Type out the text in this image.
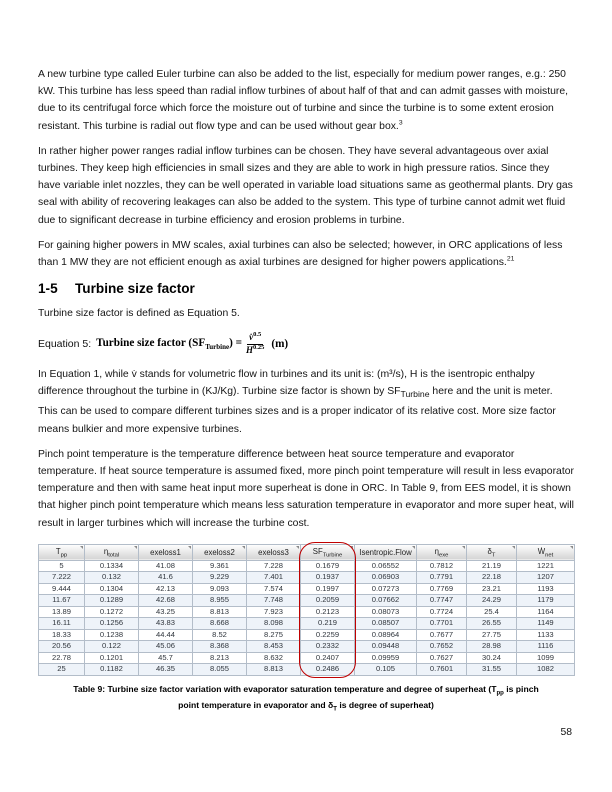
A new turbine type called Euler turbine can also be added to the list, especially for medium power ranges, e.g.: 250 kW. This turbine has less speed than radial inflow turbines of about half of that and can admit gasses with moisture, due to its centrifugal force which force the moisture out of turbine and since the turbine is to some extent erosion resistant. This turbine is radial out flow type and can be used without gear box.$^3$

In rather higher power ranges radial inflow turbines can be chosen. They have several advantageous over axial turbines. They keep high efficiencies in small sizes and they are able to work in high pressure ratios. Since they have variable inlet nozzles, they can be well operated in variable load situations same as geothermal plants. Dry gas seal with ability of recovering leakages can also be added to the system. This type of turbine cannot admit wet fluid due to significant decrease in turbine efficiency and erosion problems in turbine.

For gaining higher powers in MW scales, axial turbines can also be selected; however, in ORC applications of less than 1 MW they are not efficient enough as axial turbines are designed for higher powers applications.$^{21}$

1-5 Turbine size factor

Turbine size factor is defined as Equation 5.

Equation 5: Turbine size factor $(SF_{Turbine}) = \frac{v̇^{0.5}}{H^{0.25}} (m)$

In Equation 1, while v̇ stands for volumetric flow in turbines and its unit is: (m³/s), H is the isentropic enthalpy difference throughout the turbine in (KJ/Kg). Turbine size factor is shown by $SF_{Turbine}$ here and the unit is meter. This can be used to compare different turbines sizes and is a proper indicator of its relative cost. More size factor means bulkier and more expensive turbines.

Pinch point temperature is the temperature difference between heat source temperature and evaporator temperature. If heat source temperature is assumed fixed, more pinch point temperature will result in less evaporator temperature and then with same heat input more superheat is done in ORC. In Table 9, from EES model, it is shown that higher pinch point temperature which means less saturation temperature in evaporator and more super heat, will result in larger turbines which will increase the turbine cost.

$T_{pp}$	$\eta_{total}$	exeloss1	exeloss2	exeloss3	$SF_{Turbine}$	Isentropic.Flow	$\eta_{exe}$	$\delta_T$	Ẇ$_{net}$
5	0.1334	41.08	9.361	7.228	0.1679	0.06552	0.7812	21.19	1221
7.222	0.132	41.6	9.229	7.401	0.1937	0.06903	0.7791	22.18	1207
9.444	0.1304	42.13	9.093	7.574	0.1997	0.07273	0.7769	23.21	1193
11.67	0.1289	42.68	8.955	7.748	0.2059	0.07662	0.7747	24.29	1179
13.89	0.1272	43.25	8.813	7.923	0.2123	0.08073	0.7724	25.4	1164
16.11	0.1256	43.83	8.668	8.098	0.219	0.08507	0.7701	26.55	1149
18.33	0.1238	44.44	8.52	8.275	0.2259	0.08964	0.7677	27.75	1133
20.56	0.122	45.06	8.368	8.453	0.2332	0.09448	0.7652	28.98	1116
22.78	0.1201	45.7	8.213	8.632	0.2407	0.09959	0.7627	30.24	1099
25	0.1182	46.35	8.055	8.813	0.2486	0.105	0.7601	31.55	1082

Table 9: Turbine size factor variation with evaporator saturation temperature and degree of superheat ($T_{pp}$ is pinch point temperature in evaporator and $\delta_T$ is degree of superheat)

58
